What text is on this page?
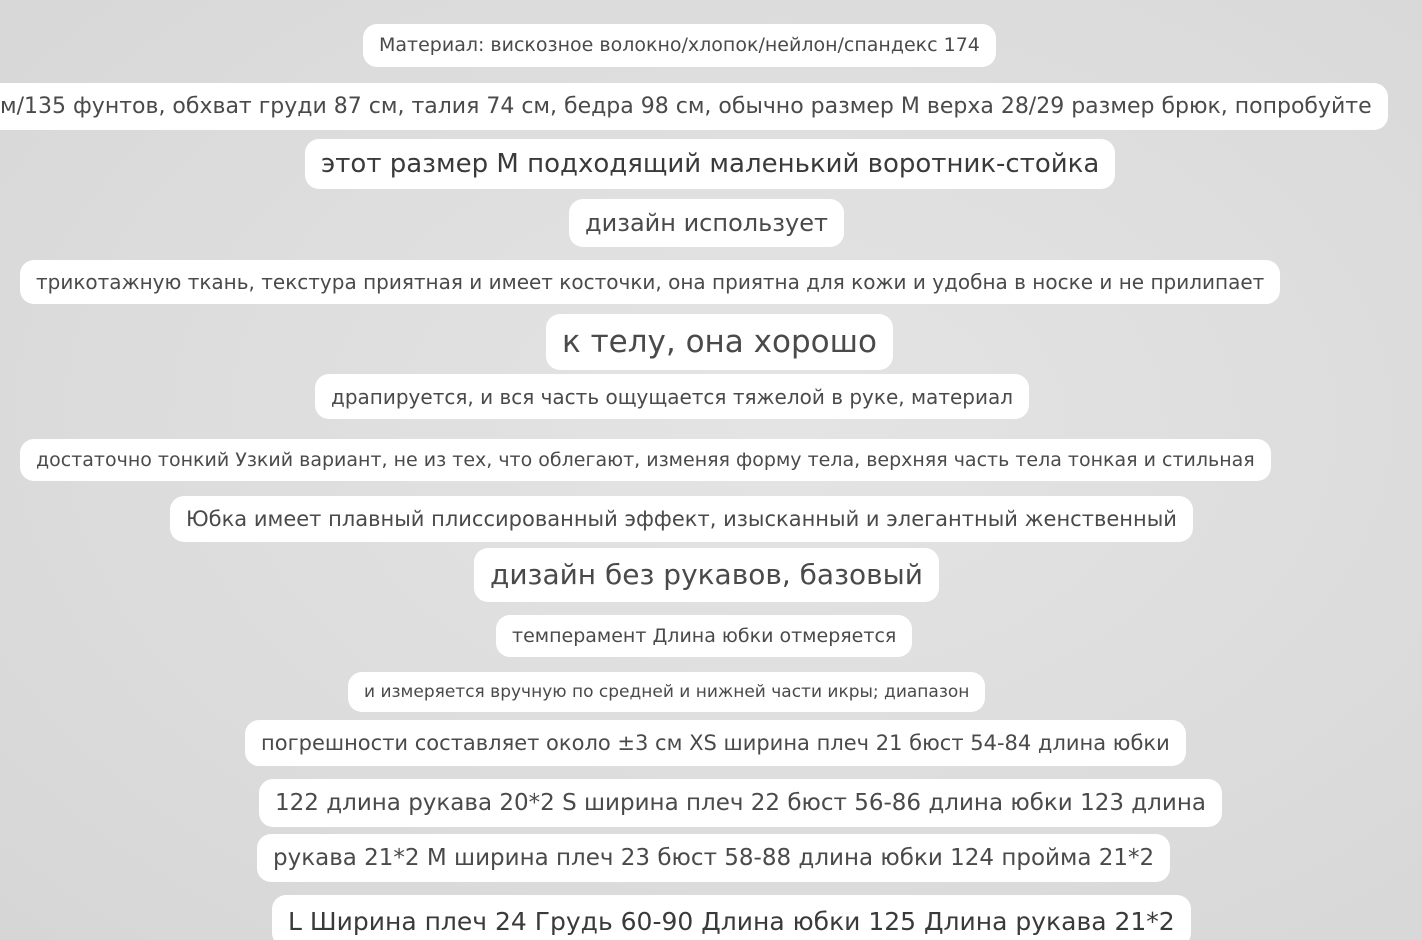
Материал: вискозное волокно/хлопок/нейлон/спандекс 174
м/135 фунтов, обхват груди 87 см, талия 74 см, бедра 98 см, обычно размер M верха 28/29 размер брюк, попробуйте
этот размер M подходящий маленький воротник-стойка
дизайн использует
трикотажную ткань, текстура приятная и имеет косточки, она приятна для кожи и удобна в носке и не прилипает
к телу, она хорошо
драпируется, и вся часть ощущается тяжелой в руке, материал
достаточно тонкий Узкий вариант, не из тех, что облегают, изменяя форму тела, верхняя часть тела тонкая и стильная
Юбка имеет плавный плиссированный эффект, изысканный и элегантный женственный
дизайн без рукавов, базовый
темперамент Длина юбки отмеряется
и измеряется вручную по средней и нижней части икры; диапазон
погрешности составляет около ±3 см XS ширина плеч 21 бюст 54-84 длина юбки
122 длина рукава 20*2 S ширина плеч 22 бюст 56-86 длина юбки 123 длина
рукава 21*2 M ширина плеч 23 бюст 58-88 длина юбки 124 пройма 21*2
L Ширина плеч 24 Грудь 60-90 Длина юбки 125 Длина рукава 21*2
